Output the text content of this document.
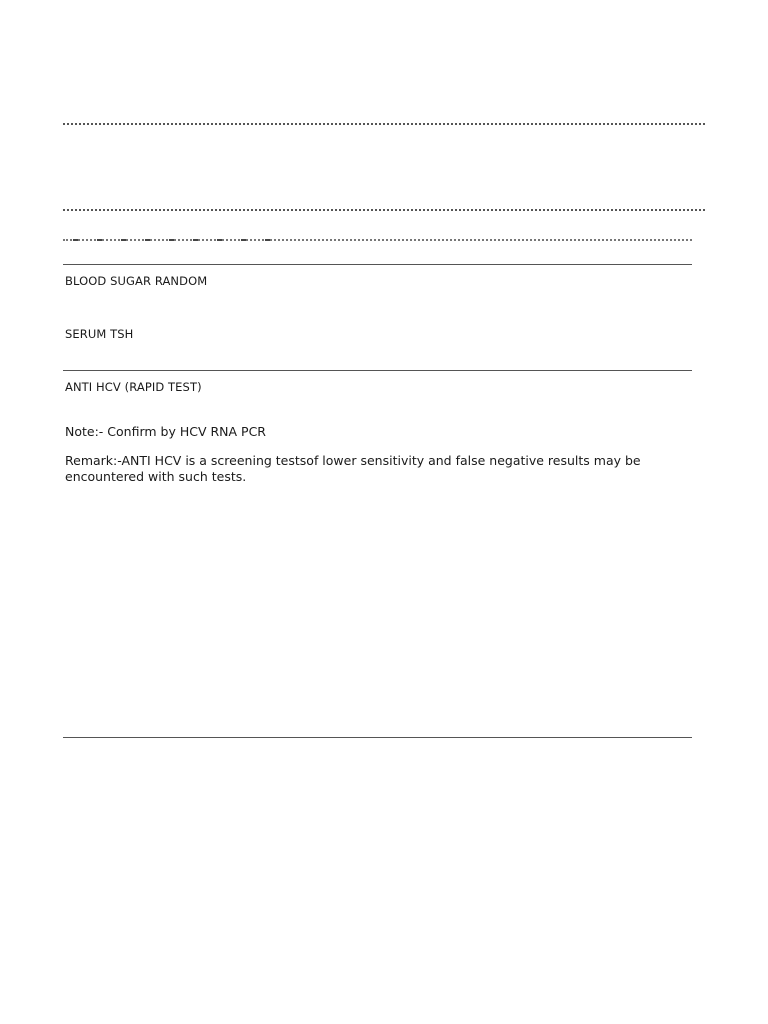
BLOOD SUGAR RANDOM
SERUM TSH
ANTI HCV (RAPID TEST)
Note:- Confirm by HCV RNA PCR
Remark:-ANTI HCV is a screening testsof lower sensitivity and false negative results may be encountered with such tests.
